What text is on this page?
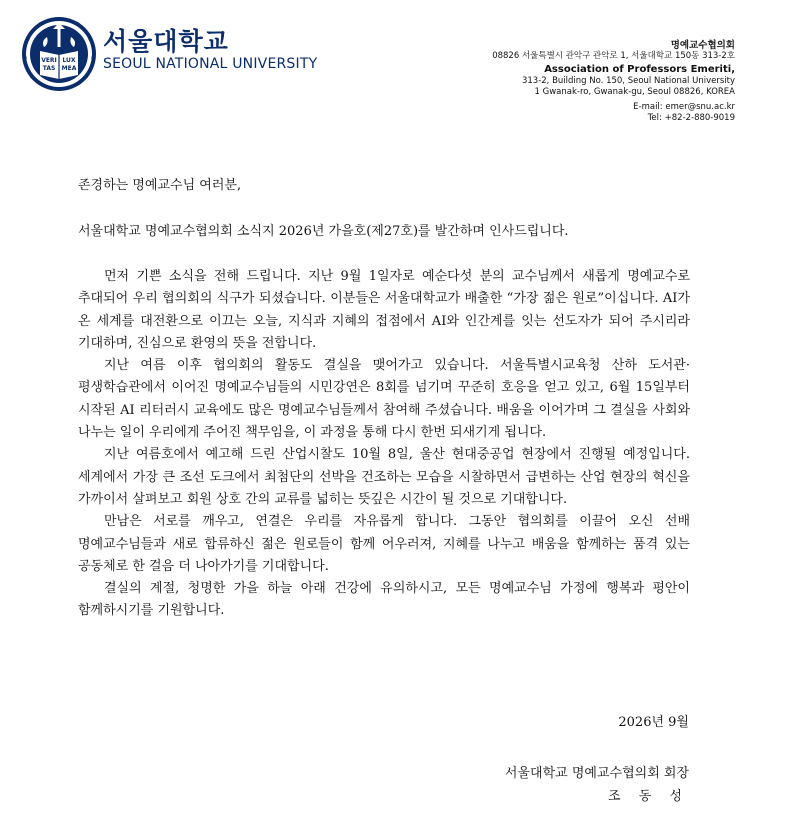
VERI
TAS
LUX
MEA
서울대학교
SEOUL NATIONAL UNIVERSITY
명예교수협의회
08826 서울특별시 관악구 관악로 1, 서울대학교 150동 313-2호
Association of Professors Emeriti,
313-2, Building No. 150, Seoul National University
1 Gwanak-ro, Gwanak-gu, Seoul 08826, KOREA
E-mail: emer@snu.ac.kr
Tel: +82-2-880-9019
존경하는 명예교수님 여러분,
서울대학교 명예교수협의회 소식지 2026년 가을호(제27호)를 발간하며 인사드립니다.

먼저 기쁜 소식을 전해 드립니다. 지난 9월 1일자로 예순다섯 분의 교수님께서 새롭게 명예교수로 추대되어 우리 협의회의 식구가 되셨습니다. 이분들은 서울대학교가 배출한 “가장 젊은 원로”이십니다. AI가 온 세계를 대전환으로 이끄는 오늘, 지식과 지혜의 접점에서 AI와 인간계를 잇는 선도자가 되어 주시리라 기대하며, 진심으로 환영의 뜻을 전합니다.

지난 여름 이후 협의회의 활동도 결실을 맺어가고 있습니다. 서울특별시교육청 산하 도서관·평생학습관에서 이어진 명예교수님들의 시민강연은 8회를 넘기며 꾸준히 호응을 얻고 있고, 6월 15일부터 시작된 AI 리터러시 교육에도 많은 명예교수님들께서 참여해 주셨습니다. 배움을 이어가며 그 결실을 사회와 나누는 일이 우리에게 주어진 책무임을, 이 과정을 통해 다시 한번 되새기게 됩니다.

지난 여름호에서 예고해 드린 산업시찰도 10월 8일, 울산 현대중공업 현장에서 진행될 예정입니다. 세계에서 가장 큰 조선 도크에서 최첨단의 선박을 건조하는 모습을 시찰하면서 급변하는 산업 현장의 혁신을 가까이서 살펴보고 회원 상호 간의 교류를 넓히는 뜻깊은 시간이 될 것으로 기대합니다.

만남은 서로를 깨우고, 연결은 우리를 자유롭게 합니다. 그동안 협의회를 이끌어 오신 선배 명예교수님들과 새로 합류하신 젊은 원로들이 함께 어우러져, 지혜를 나누고 배움을 함께하는 품격 있는 공동체로 한 걸음 더 나아가기를 기대합니다.

결실의 계절, 청명한 가을 하늘 아래 건강에 유의하시고, 모든 명예교수님 가정에 행복과 평안이 함께하시기를 기원합니다.

2026년 9월
서울대학교 명예교수협의회 회장
조 동 성
